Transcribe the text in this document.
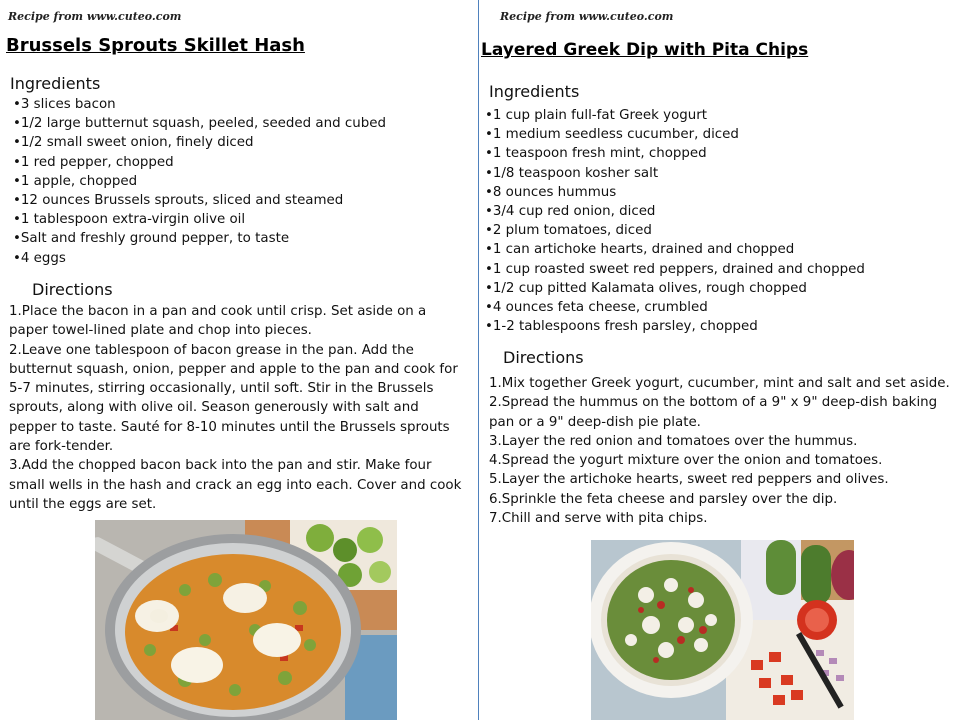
Recipe from www.cuteo.com
Brussels Sprouts Skillet Hash
Ingredients
•3 slices bacon
•1/2 large butternut squash, peeled, seeded and cubed
•1/2 small sweet onion, finely diced
•1 red pepper, chopped
•1 apple, chopped
•12 ounces Brussels sprouts, sliced and steamed
•1 tablespoon extra-virgin olive oil
•Salt and freshly ground pepper, to taste
•4 eggs
Directions
1.Place the bacon in a pan and cook until crisp. Set aside on a paper towel-lined plate and chop into pieces.
2.Leave one tablespoon of bacon grease in the pan. Add the butternut squash, onion, pepper and apple to the pan and cook for 5-7 minutes, stirring occasionally, until soft. Stir in the Brussels sprouts, along with olive oil. Season generously with salt and pepper to taste. Sauté for 8-10 minutes until the Brussels sprouts are fork-tender.
3.Add the chopped bacon back into the pan and stir. Make four small wells in the hash and crack an egg into each. Cover and cook until the eggs are set.
Recipe from www.cuteo.com
Layered Greek Dip with Pita Chips
Ingredients
•1 cup plain full-fat Greek yogurt
•1 medium seedless cucumber, diced
•1 teaspoon fresh mint, chopped
•1/8 teaspoon kosher salt
•8 ounces hummus
•3/4 cup red onion, diced
•2 plum tomatoes, diced
•1 can artichoke hearts, drained and chopped
•1 cup roasted sweet red peppers, drained and chopped
•1/2 cup pitted Kalamata olives, rough chopped
•4 ounces feta cheese, crumbled
•1-2 tablespoons fresh parsley, chopped
Directions
1.Mix together Greek yogurt, cucumber, mint and salt and set aside.
2.Spread the hummus on the bottom of a 9" x 9" deep-dish baking pan or a 9" deep-dish pie plate.
3.Layer the red onion and tomatoes over the hummus.
4.Spread the yogurt mixture over the onion and tomatoes.
5.Layer the artichoke hearts, sweet red peppers and olives.
6.Sprinkle the feta cheese and parsley over the dip.
7.Chill and serve with pita chips.
